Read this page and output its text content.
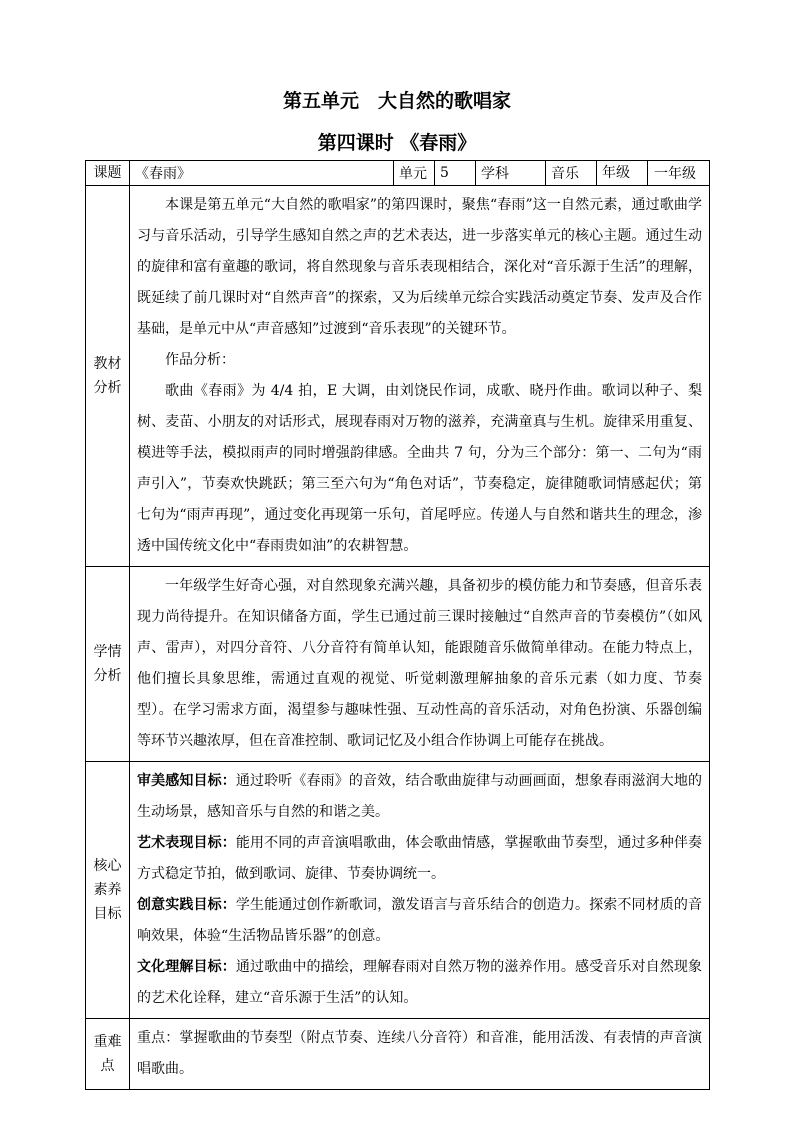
第五单元　大自然的歌唱家
第四课时 《春雨》
课题	《春雨》	单元	5	学科	音乐	年级 一年级

教材分析	本课是第五单元“大自然的歌唱家”的第四课时，聚焦“春雨”这一自然元素，通过歌曲学习与音乐活动，引导学生感知自然之声的艺术表达，进一步落实单元的核心主题。通过生动的旋律和富有童趣的歌词，将自然现象与音乐表现相结合，深化对“音乐源于生活”的理解，既延续了前几课时对“自然声音”的探索，又为后续单元综合实践活动奠定节奏、发声及合作基础，是单元中从“声音感知”过渡到“音乐表现”的关键环节。

作品分析：

歌曲《春雨》为 4/4 拍，E 大调，由刘饶民作词，成歌、晓丹作曲。歌词以种子、梨树、麦苗、小朋友的对话形式，展现春雨对万物的滋养，充满童真与生机。旋律采用重复、模进等手法，模拟雨声的同时增强韵律感。全曲共 7 句，分为三个部分：第一、二句为“雨声引入”，节奏欢快跳跃；第三至六句为“角色对话”，节奏稳定，旋律随歌词情感起伏；第七句为“雨声再现”，通过变化再现第一乐句，首尾呼应。传递人与自然和谐共生的理念，渗透中国传统文化中“春雨贵如油”的农耕智慧。					

学情分析	一年级学生好奇心强，对自然现象充满兴趣，具备初步的模仿能力和节奏感，但音乐表现力尚待提升。在知识储备方面，学生已通过前三课时接触过“自然声音的节奏模仿”（如风声、雷声），对四分音符、八分音符有简单认知，能跟随音乐做简单律动。在能力特点上，他们擅长具象思维，需通过直观的视觉、听觉刺激理解抽象的音乐元素（如力度、节奏型）。在学习需求方面，渴望参与趣味性强、互动性高的音乐活动，对角色扮演、乐器创编等环节兴趣浓厚，但在音准控制、歌词记忆及小组合作协调上可能存在挑战。					

核心素养目标	审美感知目标：通过聆听《春雨》的音效，结合歌曲旋律与动画画面，想象春雨滋润大地的生动场景，感知音乐与自然的和谐之美。

艺术表现目标：能用不同的声音演唱歌曲，体会歌曲情感，掌握歌曲节奏型，通过多种伴奏方式稳定节拍，做到歌词、旋律、节奏协调统一。

创意实践目标：学生能通过创作新歌词，激发语言与音乐结合的创造力。探索不同材质的音响效果，体验“生活物品皆乐器”的创意。

文化理解目标：通过歌曲中的描绘，理解春雨对自然万物的滋养作用。感受音乐对自然现象的艺术化诠释，建立“音乐源于生活”的认知。					

重难点	重点：掌握歌曲的节奏型（附点节奏、连续八分音符）和音准，能用活泼、有表情的声音演唱歌曲。					
